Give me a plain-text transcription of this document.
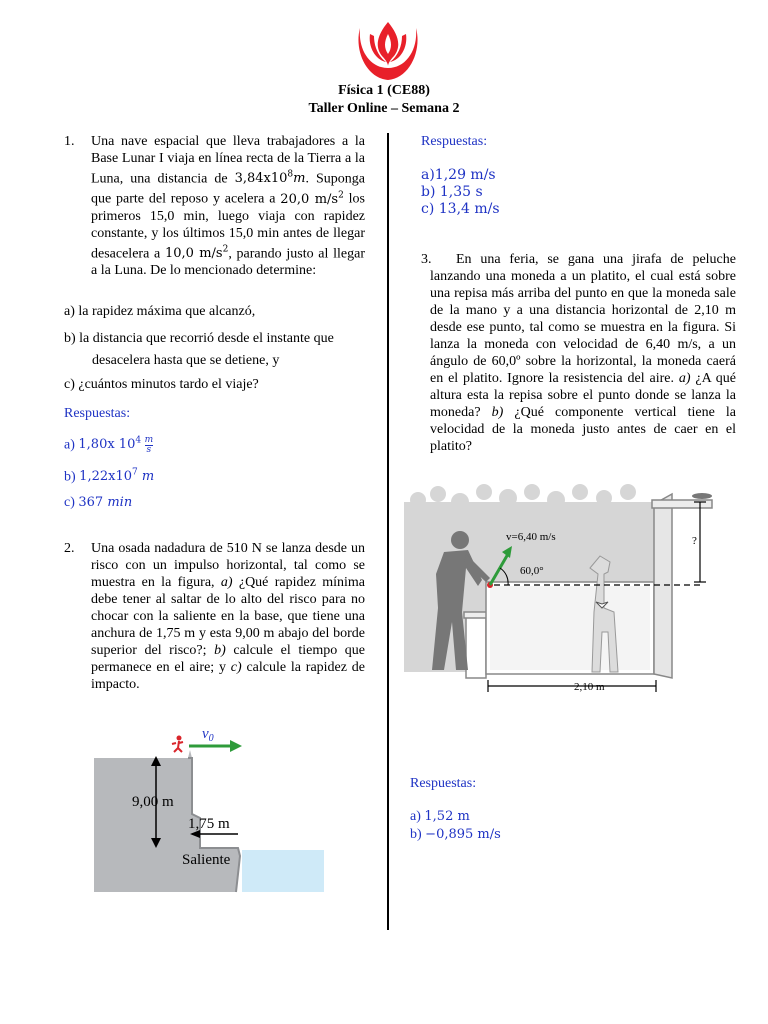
Física 1 (CE88)
Taller Online – Semana 2
1. Una nave espacial que lleva trabajadores a la Base Lunar I viaja en línea recta de la Tierra a la Luna, una distancia de $3,84x10^8m$. Suponga que parte del reposo y acelera a 20,0 $m/s^2$ los primeros 15,0 min, luego viaja con rapidez constante, y los últimos 15,0 min antes de llegar desacelera a 10,0 $m/s^2$, parando justo al llegar a la Luna. De lo mencionado determine:
a) la rapidez máxima que alcanzó,
b) la distancia que recorrió desde el instante que
desacelera hasta que se detiene, y
c) ¿cuántos minutos tardo el viaje?
Respuestas:
a) 1,80x $10^4 \frac{m}{s}$
b) $1,22x10^7$ m
c) 367 min
2. Una osada nadadura de 510 N se lanza desde un risco con un impulso horizontal, tal como se muestra en la figura, a) ¿Qué rapidez mínima debe tener al saltar de lo alto del risco para no chocar con la saliente en la base, que tiene una anchura de 1,75 m y esta 9,00 m abajo del borde superior del risco?; b) calcule el tiempo que permanece en el aire; y c) calcule la rapidez de impacto.
$v_0$
9,00 m
1,75 m
Saliente
Respuestas:
a)1,29 m/s
b) 1,35 s
c) 13,4 m/s
3.	En una feria, se gana una jirafa de peluche lanzando una moneda a un platito, el cual está sobre una repisa más arriba del punto en que la moneda sale de la mano y a una distancia horizontal de 2,10 m desde ese punto, tal como se muestra en la figura. Si lanza la moneda con velocidad de 6,40 m/s, a un ángulo de 60,0º sobre la horizontal, la moneda caerá en el platito. Ignore la resistencia del aire. a) ¿A qué altura esta la repisa sobre el punto donde se lanza la moneda? b) ¿Qué componente vertical tiene la velocidad de la moneda justo antes de caer en el platito?
?
v=6,40 m/s
60,0°
2,10 m
Respuestas:
a) 1,52 m
b) −0,895 m/s
